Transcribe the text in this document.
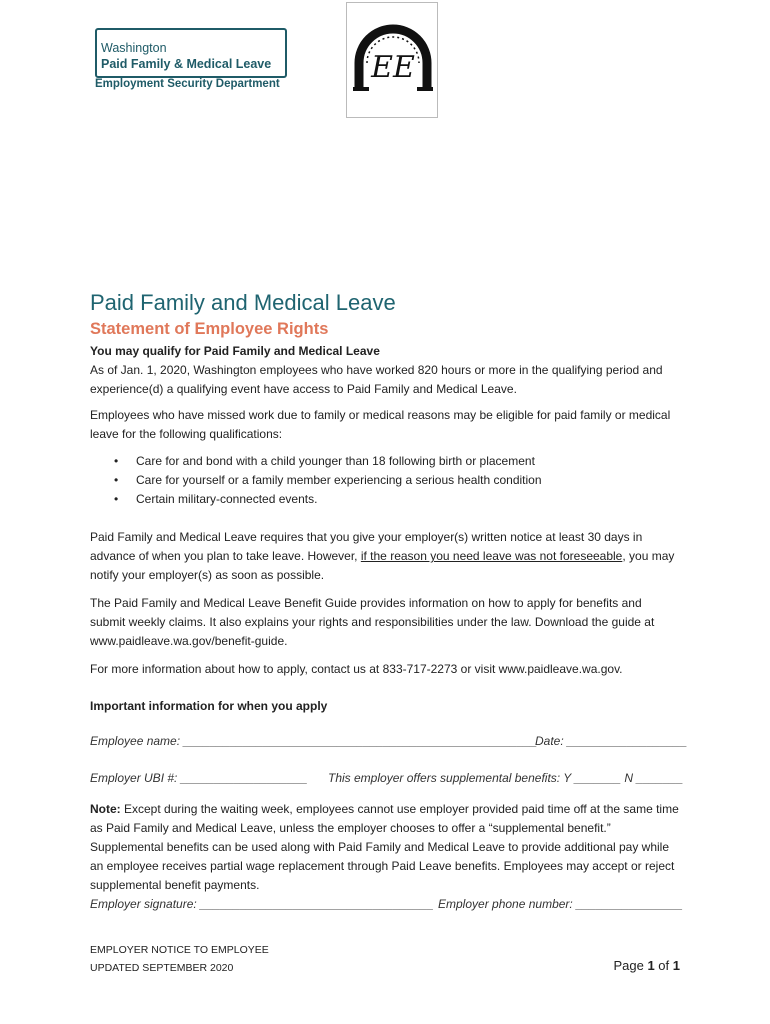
Washington
Paid Family & Medical Leave
Employment Security Department	EE
Paid Family and Medical Leave
Statement of Employee Rights
You may qualify for Paid Family and Medical Leave
As of Jan. 1, 2020, Washington employees who have worked 820 hours or more in the qualifying period and experience(d) a qualifying event have access to Paid Family and Medical Leave.
Employees who have missed work due to family or medical reasons may be eligible for paid family or medical leave for the following qualifications:
• Care for and bond with a child younger than 18 following birth or placement
• Care for yourself or a family member experiencing a serious health condition
• Certain military-connected events.
Paid Family and Medical Leave requires that you give your employer(s) written notice at least 30 days in advance of when you plan to take leave. However, if the reason you need leave was not foreseeable, you may notify your employer(s) as soon as possible.
The Paid Family and Medical Leave Benefit Guide provides information on how to apply for benefits and submit weekly claims. It also explains your rights and responsibilities under the law. Download the guide at www.paidleave.wa.gov/benefit-guide.
For more information about how to apply, contact us at 833-717-2273 or visit www.paidleave.wa.gov.
Important information for when you apply
Employee name: _____________________________________________________
Date: __________________
Employer UBI #: ___________________ This employer offers supplemental benefits: Y _______ N _______
Note: Except during the waiting week, employees cannot use employer provided paid time off at the same time as Paid Family and Medical Leave, unless the employer chooses to offer a “supplemental benefit.” Supplemental benefits can be used along with Paid Family and Medical Leave to provide additional pay while an employee receives partial wage replacement through Paid Leave benefits. Employees may accept or reject supplemental benefit payments.
Employer signature: ___________________________________ Employer phone number: ________________
EMPLOYER NOTICE TO EMPLOYEE
UPDATED SEPTEMBER 2020	Page 1 of 1
